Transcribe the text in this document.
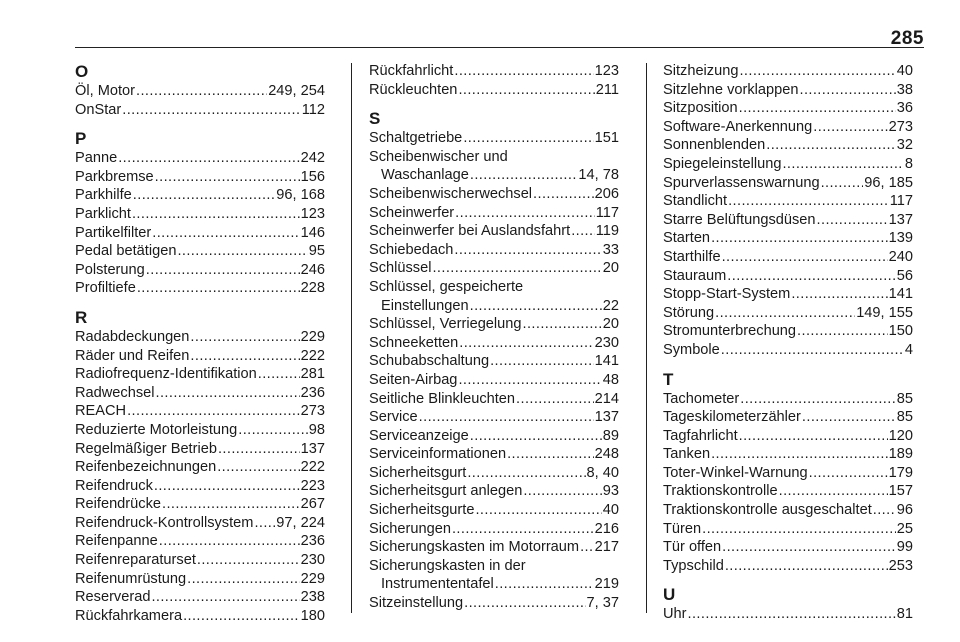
285
O
Öl, Motor .....	249, 254
OnStar .....	112
P
Panne .....	242
Parkbremse .....	156
Parkhilfe .....	96, 168
Parklicht .....	123
Partikelfilter .....	146
Pedal betätigen .....	95
Polsterung .....	246
Profiltiefe .....	228
R
Radabdeckungen .....	229
Räder und Reifen .....	222
Radiofrequenz-Identifikation .....	281
Radwechsel .....	236
REACH .....	273
Reduzierte Motorleistung .....	98
Regelmäßiger Betrieb .....	137
Reifenbezeichnungen .....	222
Reifendruck .....	223
Reifendrücke .....	267
Reifendruck-Kontrollsystem ..... 97, 224
Reifenpanne .....	236
Reifenreparaturset .....	230
Reifenumrüstung .....	229
Reserverad .....	238
Rückfahrkamera .....	180
Rückfahrlicht .....	123
Rückleuchten .....	211
S
Schaltgetriebe .....	151
Scheibenwischer und
Waschanlage .....	14, 78
Scheibenwischerwechsel .....	206
Scheinwerfer .....	117
Scheinwerfer bei Auslandsfahrt ..... 119
Schiebedach .....	33
Schlüssel .....	20
Schlüssel, gespeicherte
Einstellungen .....	22
Schlüssel, Verriegelung .....	20
Schneeketten .....	230
Schubabschaltung .....	141
Seiten-Airbag .....	48
Seitliche Blinkleuchten .....	214
Service .....	137
Serviceanzeige .....	89
Serviceinformationen .....	248
Sicherheitsgurt .....	8, 40
Sicherheitsgurt anlegen .....	93
Sicherheitsgurte .....	40
Sicherungen .....	216
Sicherungskasten im Motorraum ..... 217
Sicherungskasten in der
Instrumententafel .....	219
Sitzeinstellung .....	7, 37
Sitzheizung .....	40
Sitzlehne vorklappen .....	38
Sitzposition .....	36
Software-Anerkennung .....	273
Sonnenblenden .....	32
Spiegeleinstellung .....	8
Spurverlassenswarnung .....	96, 185
Standlicht .....	117
Starre Belüftungsdüsen .....	137
Starten .....	139
Starthilfe .....	240
Stauraum .....	56
Stopp-Start-System .....	141
Störung .....	149, 155
Stromunterbrechung .....	150
Symbole .....	4
T
Tachometer .....	85
Tageskilometerzähler .....	85
Tagfahrlicht .....	120
Tanken .....	189
Toter-Winkel-Warnung .....	179
Traktionskontrolle .....	157
Traktionskontrolle ausgeschaltet ..... 96
Türen .....	25
Tür offen .....	99
Typschild .....	253
U
Uhr .....	81
